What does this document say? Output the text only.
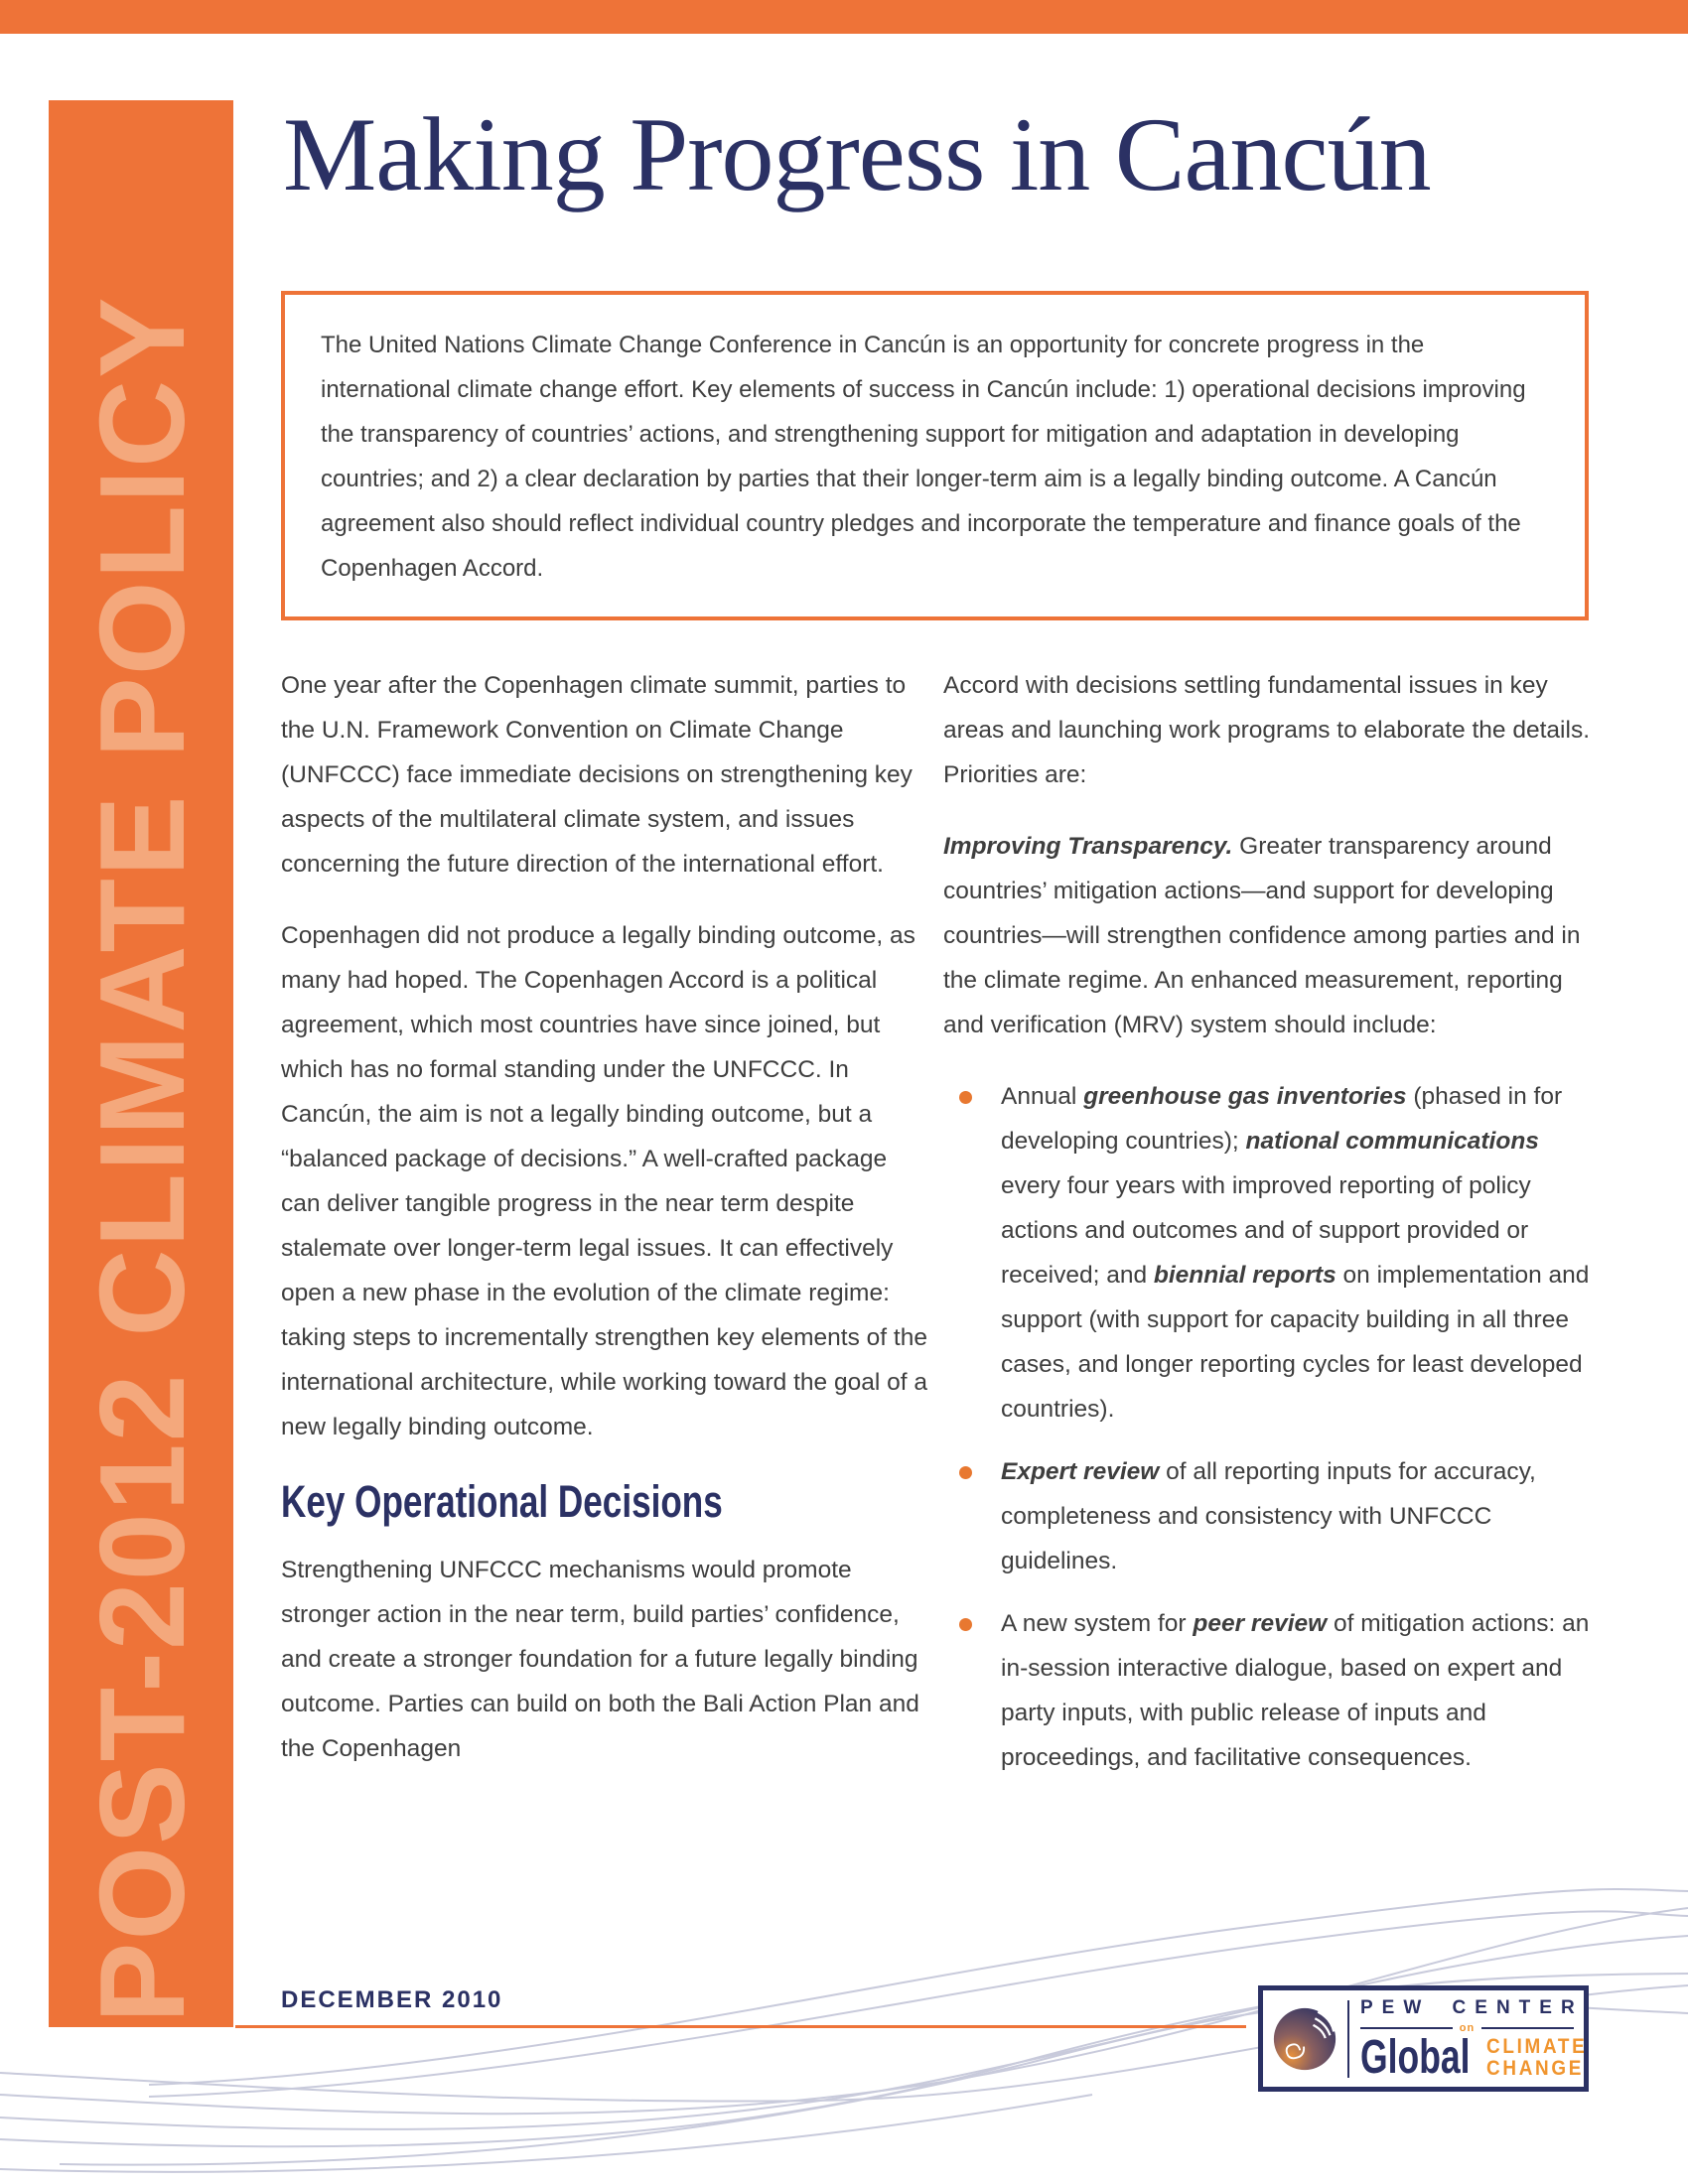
POST-2012 CLIMATE POLICY
Making Progress in Cancún

The United Nations Climate Change Conference in Cancún is an opportunity for concrete progress in the international climate change effort. Key elements of success in Cancún include: 1) operational decisions improving the transparency of countries’ actions, and strengthening support for mitigation and adaptation in developing countries; and 2) a clear declaration by parties that their longer-term aim is a legally binding outcome. A Cancún agreement also should reflect individual country pledges and incorporate the temperature and finance goals of the Copenhagen Accord.

One year after the Copenhagen climate summit, parties to the U.N. Framework Convention on Climate Change (UNFCCC) face immediate decisions on strengthening key aspects of the multilateral climate system, and issues concerning the future direction of the international effort.

Copenhagen did not produce a legally binding outcome, as many had hoped. The Copenhagen Accord is a political agreement, which most countries have since joined, but which has no formal standing under the UNFCCC. In Cancún, the aim is not a legally binding outcome, but a “balanced package of decisions.” A well-crafted package can deliver tangible progress in the near term despite stalemate over longer-term legal issues. It can effectively open a new phase in the evolution of the climate regime: taking steps to incrementally strengthen key elements of the international architecture, while working toward the goal of a new legally binding outcome.

Key Operational Decisions

Strengthening UNFCCC mechanisms would promote stronger action in the near term, build parties’ confidence, and create a stronger foundation for a future legally binding outcome. Parties can build on both the Bali Action Plan and the Copenhagen

Accord with decisions settling fundamental issues in key areas and launching work programs to elaborate the details. Priorities are:

Improving Transparency. Greater transparency around countries’ mitigation actions—and support for developing countries—will strengthen confidence among parties and in the climate regime. An enhanced measurement, reporting and verification (MRV) system should include:

Annual greenhouse gas inventories (phased in for developing countries); national communications every four years with improved reporting of policy actions and outcomes and of support provided or received; and biennial reports on implementation and support (with support for capacity building in all three cases, and longer reporting cycles for least developed countries).
Expert review of all reporting inputs for accuracy, completeness and consistency with UNFCCC guidelines.
A new system for peer review of mitigation actions: an in-session interactive dialogue, based on expert and party inputs, with public release of inputs and proceedings, and facilitative consequences.
DECEMBER 2010	PEW CENTER
on
Global CLIMATE
CHANGE
